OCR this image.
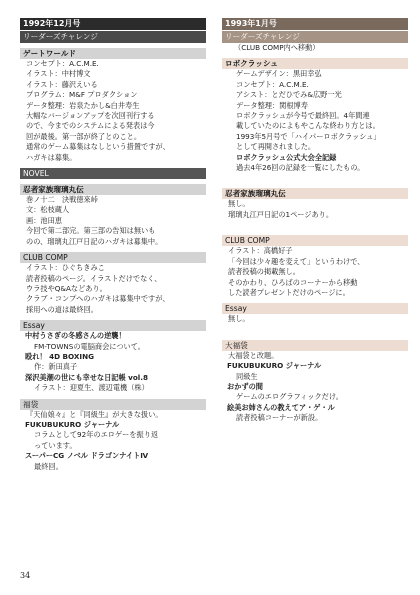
1992年12月号
リーダーズチャレンジ
ゲートワールド
コンセプト：A.C.M.E.
イラスト：中村博文
イラスト：藤沢えいる
プログラム：M&F プロダクション
データ整理：岩泉たかし&白井寿生
大幅なバージョンアップを次回刊行する
ので、今までのシステムによる発表は今
回が最後。第一部が終了とのこと。
通常のゲーム募集はなしという措置ですが、
ハガキは募集。
NOVEL
忍者家族瑠璃丸伝
巻ノ十二　決戦徳來峠
文：松枝蔵人
画：池田恵
今回で第二部完。第三部の告知は無いも
のの、瑠璃丸江戸日記のハガキは募集中。
CLUB COMP
イラスト：ひぐちきみこ
読者投稿のページ。イラストだけでなく、
ウラ技やQ&Aなどあり。
クラブ・コンプへのハガキは募集中ですが、
採用への道は最終回。
Essay
中村うさぎの冬感さんの逆襲！
FM-TOWNSの電脳商会について。
殴れ！ 4D BOXING
作：新田真子
深沢美潮の世にも幸せな日記帳 vol.8
イラスト：迎夏生、渡辺電機（株）
福袋
『天仙娘々』と『同級生』が大きな扱い。
FUKUBUKURO ジャーナル
コラムとして92年のエロゲーを振り返
っています。
スーパーCG ノベル ドラゴンナイトⅣ
最終回。
1993年1月号
リーダーズチャレンジ
（CLUB COMP内へ移動）
ロボクラッシュ
ゲームデザイン：黒田幸弘
コンセプト：A.C.M.E.
アシスト：とだひでみ&広野一光
データ整理：関根博寿
ロボクラッシュが今号で最終回。4年間連
載していたのによもやこんな終わり方とは。
1993年5月号で「ハイパーロボクラッシュ」
として再開されました。
ロボクラッシュ公式大会全記録
過去4年26回の記録を一覧にしたもの。
忍者家族瑠璃丸伝
無し。
瑠璃丸江戸日記の1ページあり。
CLUB COMP
イラスト：高橋好子
「今回は少々趣を変えて」というわけで、
読者投稿の掲載無し。
そのかわり、ひろばのコーナーから移動
した読者プレゼントだけのページに。
Essay
無し。
大福袋
大福袋と改題。
FUKUBUKURO ジャーナル
同級生
おかずの間
ゲームのエログラフィックだけ。
絵美お姉さんの教えてア・ゲ・ル
読者投稿コーナーが新設。
34
